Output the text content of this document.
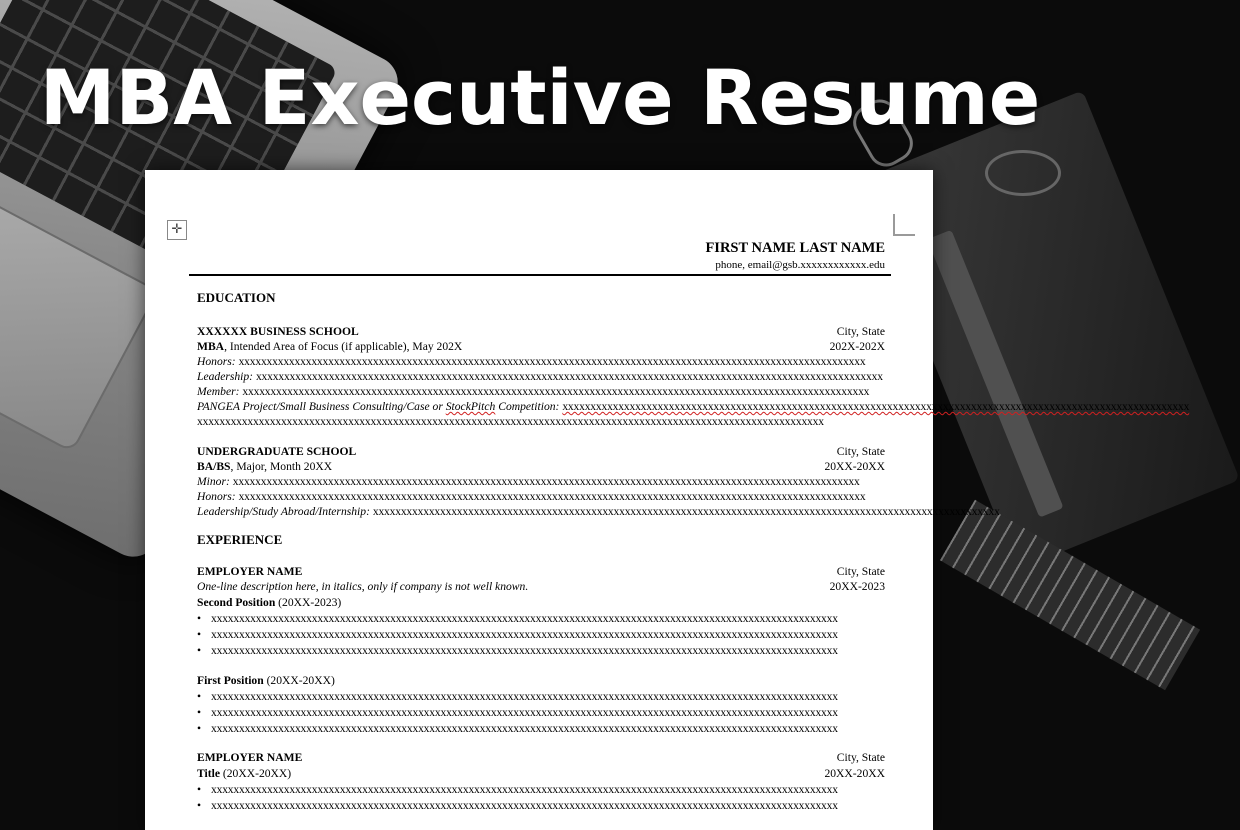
MBA Executive Resume
✛
FIRST NAME LAST NAME
phone, email@gsb.xxxxxxxxxxxx.edu
EDUCATION
XXXXXX BUSINESS SCHOOL	City, State
MBA, Intended Area of Focus (if applicable), May 202X	202X-202X
Honors: xxxxxxxxxxxxxxxxxxxxxxxxxxxxxxxxxxxxxxxxxxxxxxxxxxxxxxxxxxxxxxxxxxxxxxxxxxxxxxxxxxxxxxxxxxxxxxxxxxxxxxxxxxxxxxxx
Leadership: xxxxxxxxxxxxxxxxxxxxxxxxxxxxxxxxxxxxxxxxxxxxxxxxxxxxxxxxxxxxxxxxxxxxxxxxxxxxxxxxxxxxxxxxxxxxxxxxxxxxxxxxxxxxxxxx
Member: xxxxxxxxxxxxxxxxxxxxxxxxxxxxxxxxxxxxxxxxxxxxxxxxxxxxxxxxxxxxxxxxxxxxxxxxxxxxxxxxxxxxxxxxxxxxxxxxxxxxxxxxxxxxxxxx
PANGEA Project/Small Business Consulting/Case or StockPitch Competition: xxxxxxxxxxxxxxxxxxxxxxxxxxxxxxxxxxxxxxxxxxxxxxxxxxxxxxxxxxxxxxxxxxxxxxxxxxxxxxxxxxxxxxxxxxxxxxxxxxxxxxxxxxxxxxxx
xxxxxxxxxxxxxxxxxxxxxxxxxxxxxxxxxxxxxxxxxxxxxxxxxxxxxxxxxxxxxxxxxxxxxxxxxxxxxxxxxxxxxxxxxxxxxxxxxxxxxxxxxxxxxxxx
UNDERGRADUATE SCHOOL	City, State
BA/BS, Major, Month 20XX	20XX-20XX
Minor: xxxxxxxxxxxxxxxxxxxxxxxxxxxxxxxxxxxxxxxxxxxxxxxxxxxxxxxxxxxxxxxxxxxxxxxxxxxxxxxxxxxxxxxxxxxxxxxxxxxxxxxxxxxxxxxx
Honors: xxxxxxxxxxxxxxxxxxxxxxxxxxxxxxxxxxxxxxxxxxxxxxxxxxxxxxxxxxxxxxxxxxxxxxxxxxxxxxxxxxxxxxxxxxxxxxxxxxxxxxxxxxxxxxxx
Leadership/Study Abroad/Internship: xxxxxxxxxxxxxxxxxxxxxxxxxxxxxxxxxxxxxxxxxxxxxxxxxxxxxxxxxxxxxxxxxxxxxxxxxxxxxxxxxxxxxxxxxxxxxxxxxxxxxxxxxxxxxxxx
EXPERIENCE
EMPLOYER NAME	City, State
One-line description here, in italics, only if company is not well known.	20XX-2023
Second Position (20XX-2023)
• xxxxxxxxxxxxxxxxxxxxxxxxxxxxxxxxxxxxxxxxxxxxxxxxxxxxxxxxxxxxxxxxxxxxxxxxxxxxxxxxxxxxxxxxxxxxxxxxxxxxxxxxxxxxxxxx
• xxxxxxxxxxxxxxxxxxxxxxxxxxxxxxxxxxxxxxxxxxxxxxxxxxxxxxxxxxxxxxxxxxxxxxxxxxxxxxxxxxxxxxxxxxxxxxxxxxxxxxxxxxxxxxxx
• xxxxxxxxxxxxxxxxxxxxxxxxxxxxxxxxxxxxxxxxxxxxxxxxxxxxxxxxxxxxxxxxxxxxxxxxxxxxxxxxxxxxxxxxxxxxxxxxxxxxxxxxxxxxxxxx
First Position (20XX-20XX)
• xxxxxxxxxxxxxxxxxxxxxxxxxxxxxxxxxxxxxxxxxxxxxxxxxxxxxxxxxxxxxxxxxxxxxxxxxxxxxxxxxxxxxxxxxxxxxxxxxxxxxxxxxxxxxxxx
• xxxxxxxxxxxxxxxxxxxxxxxxxxxxxxxxxxxxxxxxxxxxxxxxxxxxxxxxxxxxxxxxxxxxxxxxxxxxxxxxxxxxxxxxxxxxxxxxxxxxxxxxxxxxxxxx
• xxxxxxxxxxxxxxxxxxxxxxxxxxxxxxxxxxxxxxxxxxxxxxxxxxxxxxxxxxxxxxxxxxxxxxxxxxxxxxxxxxxxxxxxxxxxxxxxxxxxxxxxxxxxxxxx
EMPLOYER NAME	City, State
Title (20XX-20XX)	20XX-20XX
• xxxxxxxxxxxxxxxxxxxxxxxxxxxxxxxxxxxxxxxxxxxxxxxxxxxxxxxxxxxxxxxxxxxxxxxxxxxxxxxxxxxxxxxxxxxxxxxxxxxxxxxxxxxxxxxx
• xxxxxxxxxxxxxxxxxxxxxxxxxxxxxxxxxxxxxxxxxxxxxxxxxxxxxxxxxxxxxxxxxxxxxxxxxxxxxxxxxxxxxxxxxxxxxxxxxxxxxxxxxxxxxxxx
